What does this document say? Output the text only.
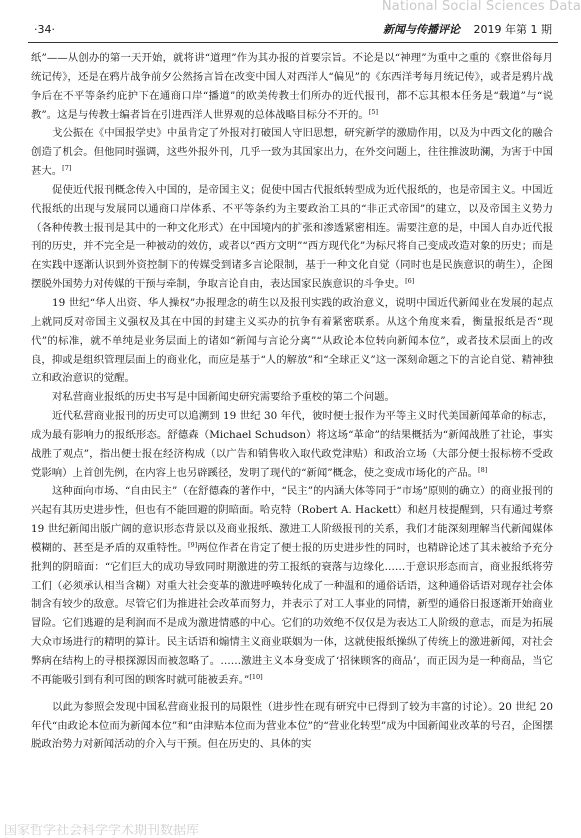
National Social Sciences Data
·34·	新闻与传播评论 2019 年第 1 期

纸”——从创办的第一天开始，就将讲“道理”作为其办报的首要宗旨。不论是以“神理”为重中之重的《察世俗每月统记传》，还是在鸦片战争前夕公然扬言旨在改变中国人对西洋人“偏见”的《东西洋考每月统记传》，或者是鸦片战争后在不平等条约庇护下在通商口岸“播道”的欧美传教士们所办的近代报刊，都不忘其根本任务是“载道”与“说教”。这是与传教士编者旨在引进西洋人世界观的总体战略目标分不开的。[5]

戈公振在《中国报学史》中虽肯定了外报对打破国人守旧思想，研究新学的激励作用，以及为中西文化的融合创造了机会。但他同时强调，这些外报外刊，几乎一致为其国家出力，在外交问题上，往往推波助澜，为害于中国甚大。[7]

促使近代报刊概念传入中国的，是帝国主义；促使中国古代报纸转型成为近代报纸的，也是帝国主义。中国近代报纸的出现与发展同以通商口岸体系、不平等条约为主要政治工具的“非正式帝国”的建立，以及帝国主义势力（各种传教士报刊是其中的一种文化形式）在中国境内的扩张和渗透紧密相连。需要注意的是，中国人自办近代报刊的历史，并不完全是一种被动的效仿，或者以“西方文明”“西方现代化”为标尺将自己变成改造对象的历史；而是在实践中逐渐认识到外资控制下的传媒受到诸多言论限制，基于一种文化自觉（同时也是民族意识的萌生），企图摆脱外国势力对传媒的干预与牵制，争取言论自由，表达国家民族意识的斗争史。[6]

19 世纪“华人出资、华人操权”办报理念的萌生以及报刊实践的政治意义，说明中国近代新闻业在发展的起点上就同反对帝国主义强权及其在中国的封建主义买办的抗争有着紧密联系。从这个角度来看，衡量报纸是否“现代”的标准，就不单纯是业务层面上的诸如“新闻与言论分离”“从政论本位转向新闻本位”，或者技术层面上的改良，抑或是组织管理层面上的商业化，而应是基于“人的解放”和“全球正义”这一深刻命题之下的言论自觉、精神独立和政治意识的觉醒。

对私营商业报纸的历史书写是中国新闻史研究需要给予重校的第二个问题。

近代私营商业报刊的历史可以追溯到 19 世纪 30 年代，彼时便士报作为平等主义时代美国新闻革命的标志，成为最有影响力的报纸形态。舒德森（Michael Schudson）将这场“革命”的结果概括为“新闻战胜了社论，事实战胜了观点”，指出便士报在经济构成（以广告和销售收入取代政党津贴）和政治立场（大部分便士报标榜不受政党影响）上首创先例，在内容上也另辟蹊径，发明了现代的“新闻”概念，使之变成市场化的产品。[8]

这种面向市场、“自由民主”（在舒德森的著作中，“民主”的内涵大体等同于“市场”原则的确立）的商业报刊的兴起有其历史进步性，但也有不能回避的阴暗面。哈克特（Robert A. Hackett）和赵月枝提醒到，只有通过考察 19 世纪新闻出版广阔的意识形态背景以及商业报纸、激进工人阶级报刊的关系，我们才能深刻理解当代新闻媒体模糊的、甚至是矛盾的双重特性。[9]两位作者在肯定了便士报的历史进步性的同时，也精辟论述了其未被给予充分批判的阴暗面：“它们巨大的成功导致同时期激进的劳工报纸的衰落与边缘化……于意识形态而言，商业报纸将劳工们（必须承认相当含糊）对重大社会变革的激进呼唤转化成了一种温和的通俗话语，这种通俗话语对现存社会体制含有较少的敌意。尽管它们为推进社会改革而努力，并表示了对工人事业的同情，新型的通俗日报逐渐开始商业冒险。它们逃避的是利润而不是成为激进情感的中心。它们的功效绝不仅仅是为表达工人阶级的意志，而是为拓展大众市场进行的精明的算计。民主话语和煽情主义商业联姻为一体，这就使报纸操纵了传统上的激进新闻，对社会弊病在结构上的寻根探源因而被忽略了。……激进主义本身变成了‘招徕顾客的商品’，而正因为是一种商品，当它不再能吸引到有利可图的顾客时就可能被丢弃。”[10]

以此为参照会发现中国私营商业报刊的局限性（进步性在现有研究中已得到了较为丰富的讨论）。20 世纪 20 年代“由政论本位而为新闻本位”和“由津贴本位而为营业本位”的“营业化转型”成为中国新闻业改革的号召，企图摆脱政治势力对新闻活动的介入与干预。但在历史的、具体的实

国家哲学社会科学学术期刊数据库
